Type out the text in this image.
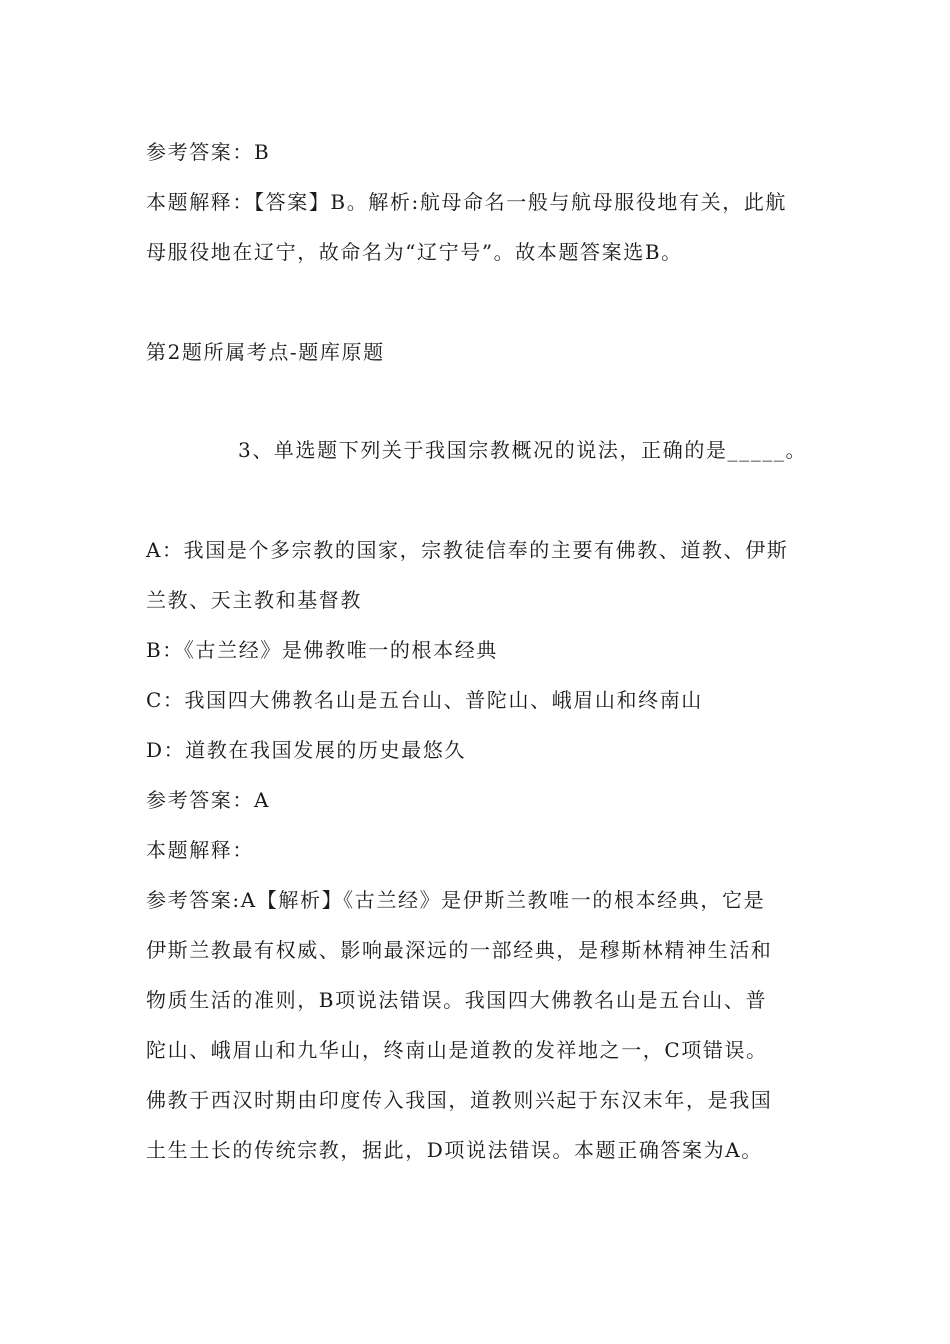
参考答案：B
本题解释：【答案】B。解析:航母命名一般与航母服役地有关，此航
母服役地在辽宁，故命名为“辽宁号”。故本题答案选B。
第2题所属考点-题库原题
3、单选题下列关于我国宗教概况的说法，正确的是_____。
A：我国是个多宗教的国家，宗教徒信奉的主要有佛教、道教、伊斯
兰教、天主教和基督教
B：《古兰经》是佛教唯一的根本经典
C：我国四大佛教名山是五台山、普陀山、峨眉山和终南山
D：道教在我国发展的历史最悠久
参考答案：A
本题解释：
参考答案:A【解析】《古兰经》是伊斯兰教唯一的根本经典，它是
伊斯兰教最有权威、影响最深远的一部经典，是穆斯林精神生活和
物质生活的准则，B项说法错误。我国四大佛教名山是五台山、普
陀山、峨眉山和九华山，终南山是道教的发祥地之一，C项错误。
佛教于西汉时期由印度传入我国，道教则兴起于东汉末年，是我国
土生土长的传统宗教，据此，D项说法错误。本题正确答案为A。
